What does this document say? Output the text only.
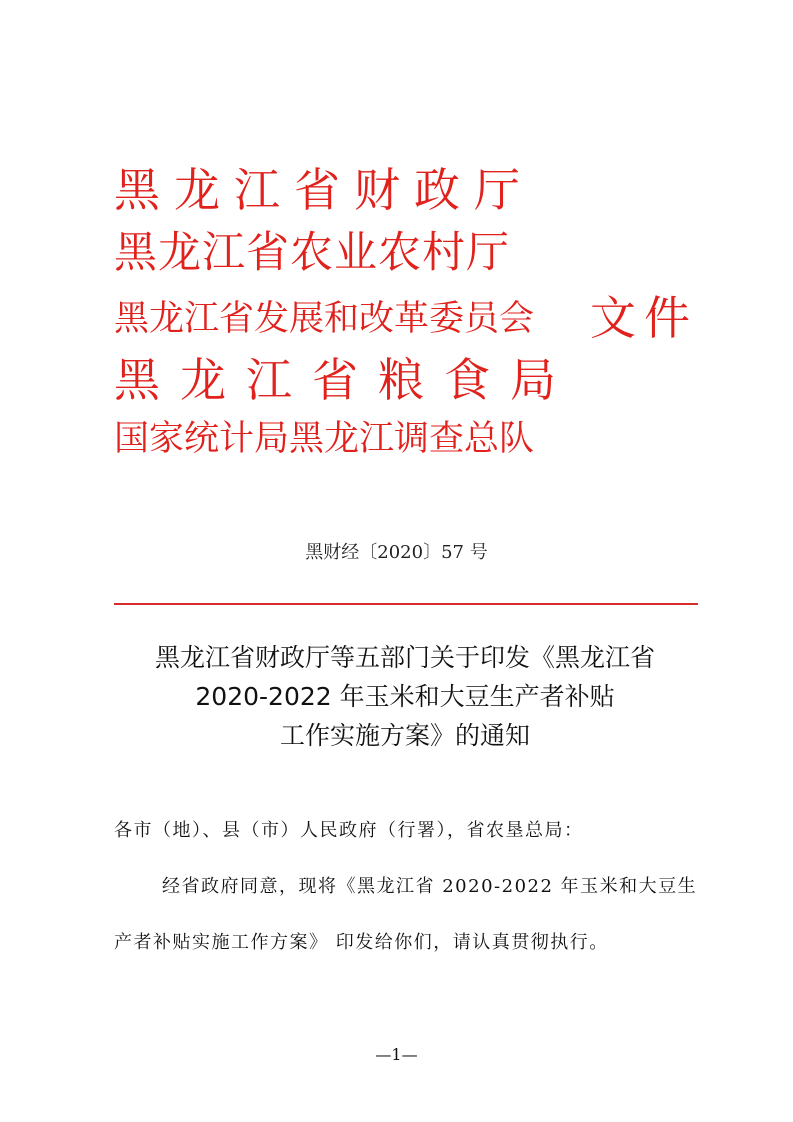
黑龙江省财政厅
黑龙江省农业农村厅
黑龙江省发展和改革委员会
黑龙江省粮食局
国家统计局黑龙江调查总队
文件
黑财经〔2020〕57 号
黑龙江省财政厅等五部门关于印发《黑龙江省
2020-2022 年玉米和大豆生产者补贴
工作实施方案》的通知
各市（地）、县（市）人民政府（行署），省农垦总局：
经省政府同意，现将《黑龙江省 2020-2022 年玉米和大豆生
产者补贴实施工作方案》 印发给你们，请认真贯彻执行。
—1—
